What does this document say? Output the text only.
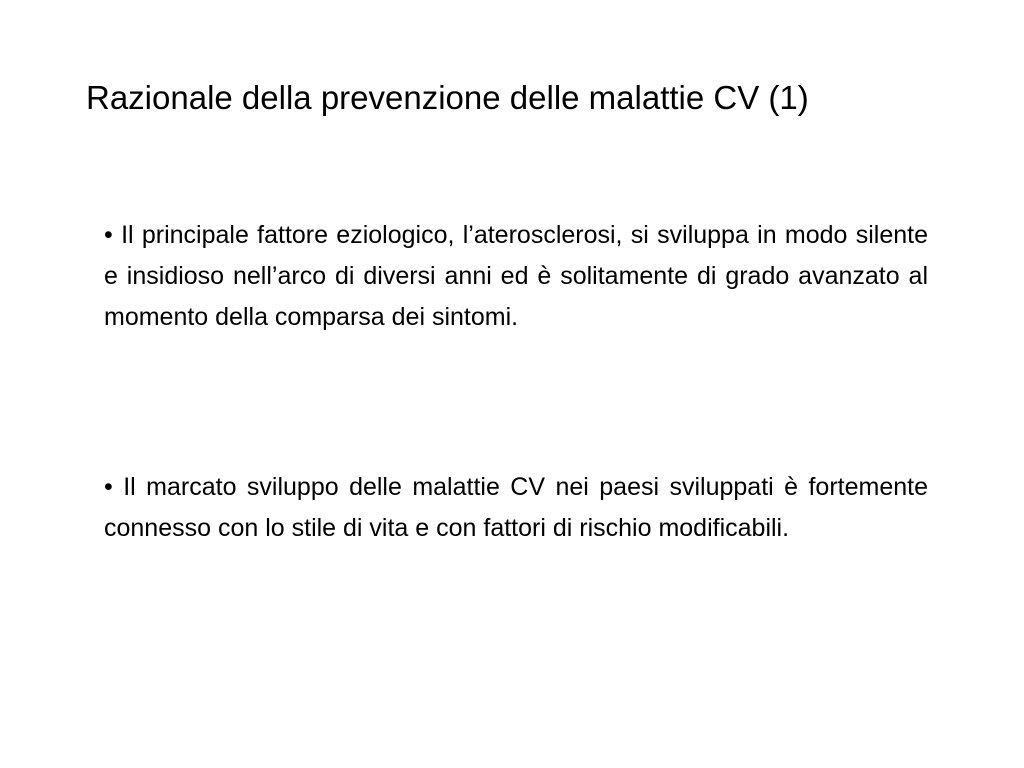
Razionale della prevenzione delle malattie CV (1)
• Il principale fattore eziologico, l’aterosclerosi, si sviluppa in modo silente e insidioso nell’arco di diversi anni ed è solitamente di grado avanzato al momento della comparsa dei sintomi.
• Il marcato sviluppo delle malattie CV nei paesi sviluppati è fortemente connesso con lo stile di vita e con fattori di rischio modificabili.
